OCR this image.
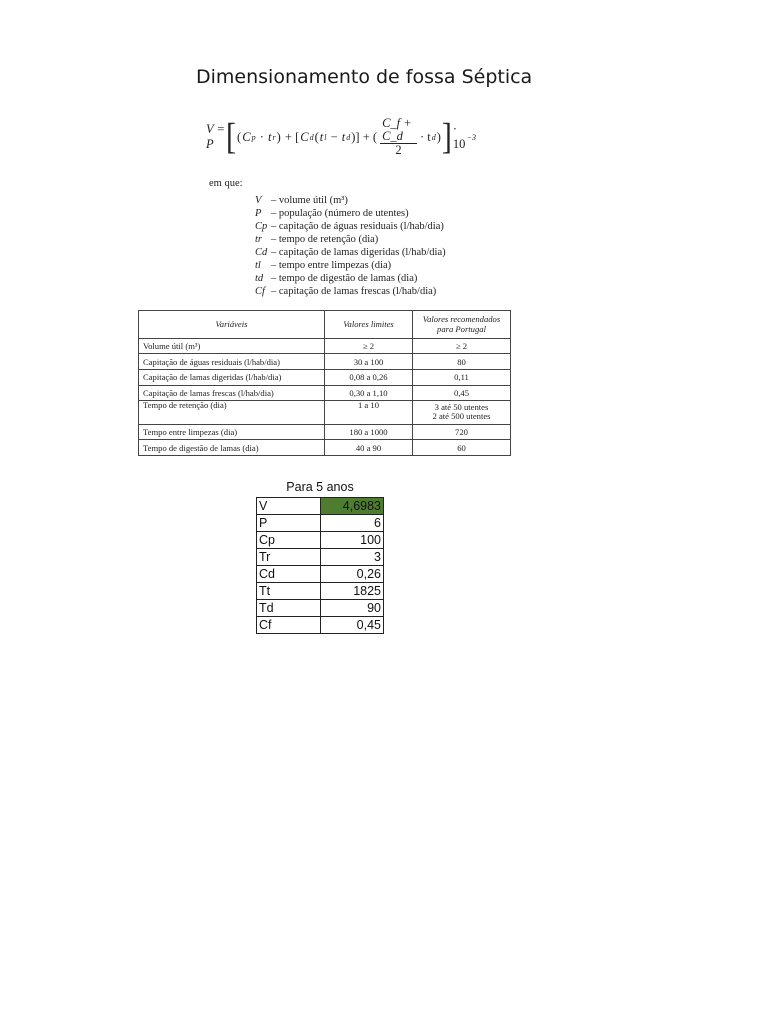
Dimensionamento de fossa Séptica
V = P [ ( C p · t r ) + [ C d ( t l − t d )] + ( $\frac{C\_f + C\_d}{2} \cdot t$ d ) ] · 10 −3
em que:
V – volume útil (m³)
P – população (número de utentes)
Cp – capitação de águas residuais (l/hab/dia)
tr – tempo de retenção (dia)
Cd – capitação de lamas digeridas (l/hab/dia)
tl – tempo entre limpezas (dia)
td – tempo de digestão de lamas (dia)
Cf – capitação de lamas frescas (l/hab/dia)
Variáveis	Valores limites	Valores recomendados para Portugal
Volume útil (m³)	≥ 2	≥ 2
Capitação de águas residuais (l/hab/dia)	30 a 100	80
Capitação de lamas digeridas (l/hab/dia)	0,08 a 0,26	0,11
Capitação de lamas frescas (l/hab/dia)	0,30 a 1,10	0,45
Tempo de retenção (dia)	1 a 10	3 até 50 utentes
2 até 500 utentes

Tempo entre limpezas (dia)	180 a 1000	720
Tempo de digestão de lamas (dia)	40 a 90	60
Para 5 anos
V	4,6983
P	6
Cp	100
Tr	3
Cd	0,26
Tt	1825
Td	90
Cf	0,45
